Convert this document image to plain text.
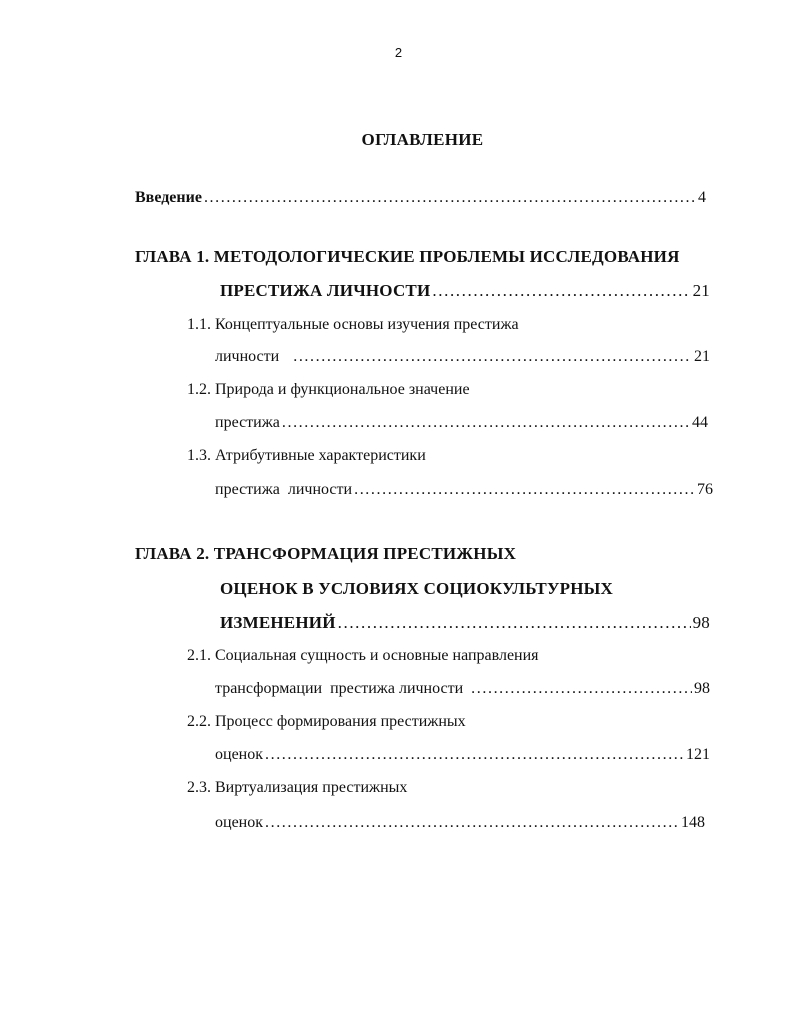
2
ОГЛАВЛЕНИЕ
Введение .....	4
ГЛАВА 1. МЕТОДОЛОГИЧЕСКИЕ ПРОБЛЕМЫ ИССЛЕДОВАНИЯ
ПРЕСТИЖА ЛИЧНОСТИ .....	21
1.1. Концептуальные основы изучения престижа
личности .....	21
1.2. Природа и функциональное значение
престижа .....	44
1.3. Атрибутивные характеристики
престижа  личности .....	76
ГЛАВА 2. ТРАНСФОРМАЦИЯ ПРЕСТИЖНЫХ
ОЦЕНОК В УСЛОВИЯХ СОЦИОКУЛЬТУРНЫХ
ИЗМЕНЕНИЙ .....	98
2.1. Социальная сущность и основные направления
трансформации  престижа личности .....	98
2.2. Процесс формирования престижных
оценок .....	121
2.3. Виртуализация престижных
оценок .....	148
